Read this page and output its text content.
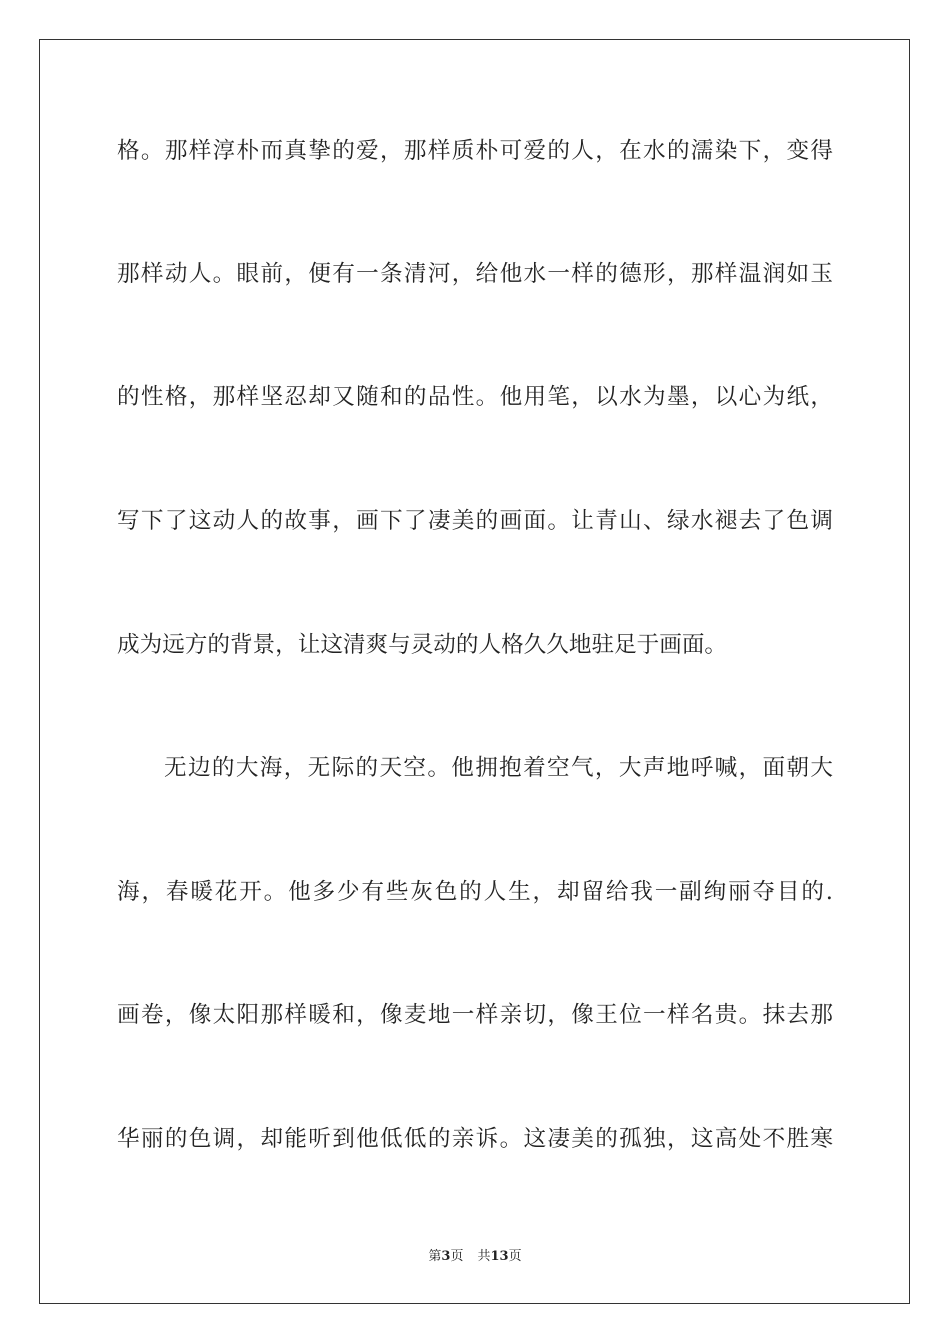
格。那样淳朴而真挚的爱，那样质朴可爱的人，在水的濡染下，变得
那样动人。眼前，便有一条清河，给他水一样的德形，那样温润如玉
的性格，那样坚忍却又随和的品性。他用笔，以水为墨，以心为纸，
写下了这动人的故事，画下了凄美的画面。让青山、绿水褪去了色调
成为远方的背景，让这清爽与灵动的人格久久地驻足于画面。
无边的大海，无际的天空。他拥抱着空气，大声地呼喊，面朝大
海，春暖花开。他多少有些灰色的人生，却留给我一副绚丽夺目的.
画卷，像太阳那样暖和，像麦地一样亲切，像王位一样名贵。抹去那
华丽的色调，却能听到他低低的亲诉。这凄美的孤独，这高处不胜寒
第3页 共13页
